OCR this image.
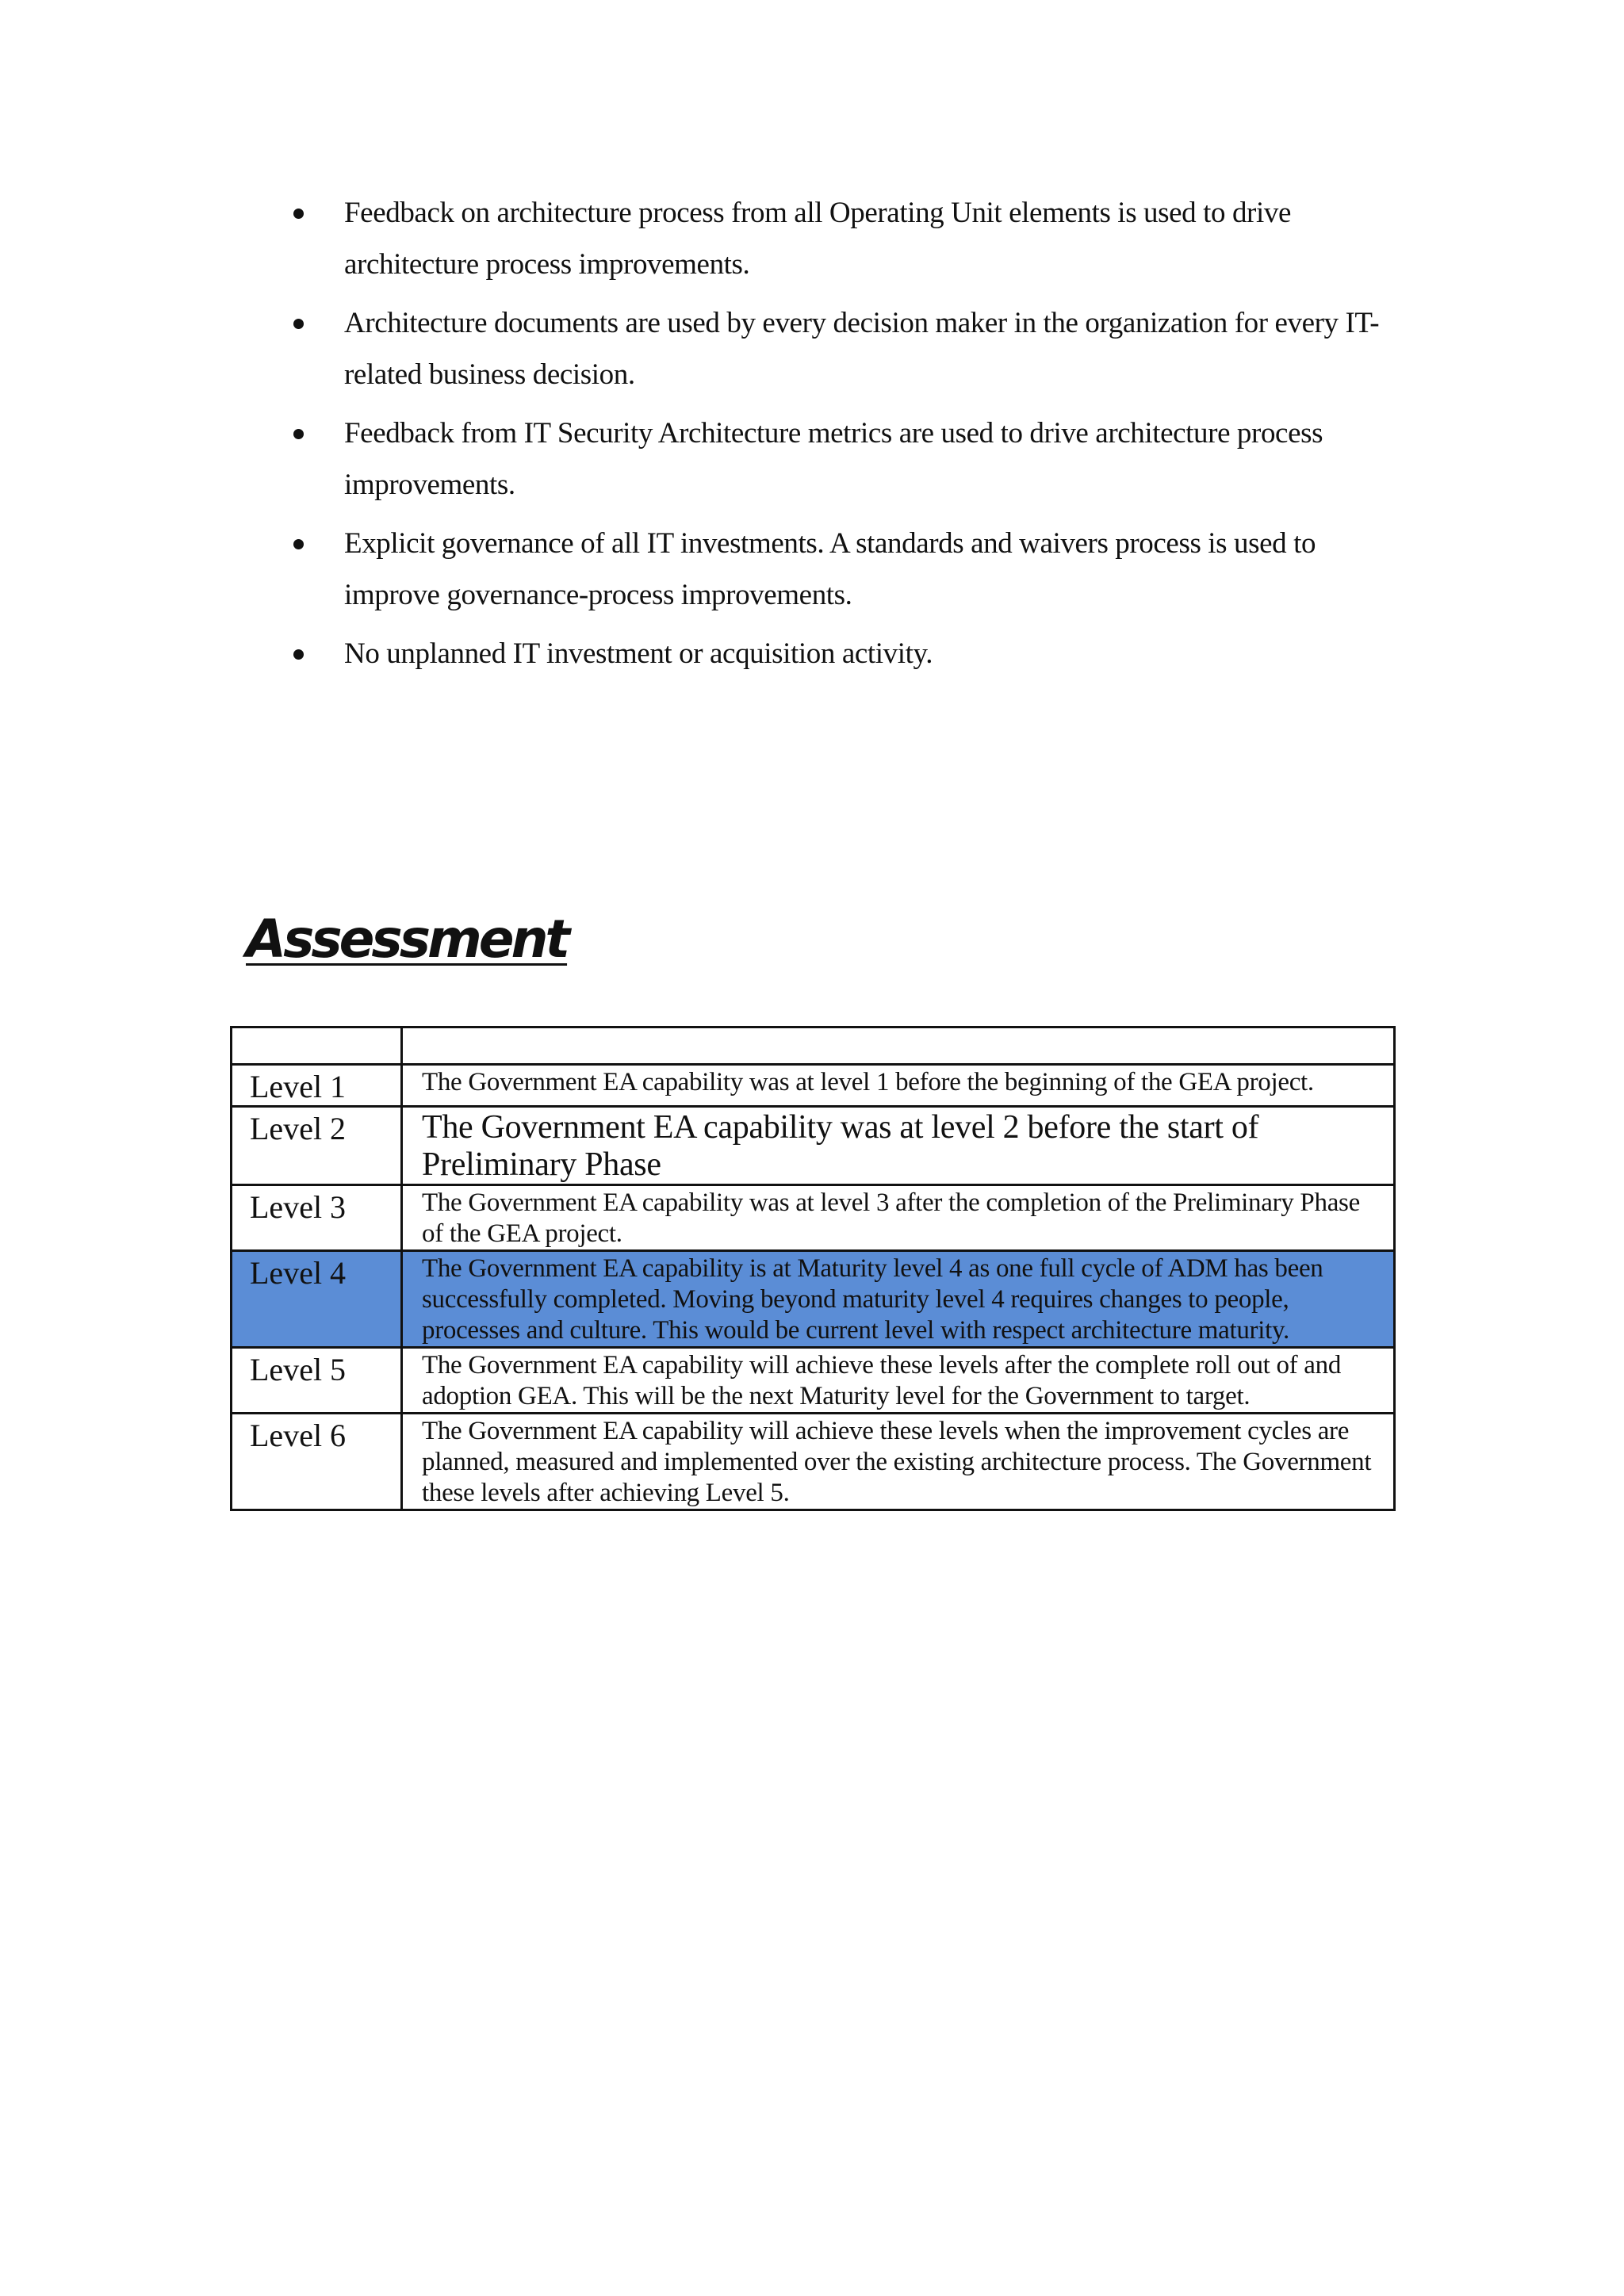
Feedback on architecture process from all Operating Unit elements is used to drive architecture process improvements.
Architecture documents are used by every decision maker in the organization for every IT-related business decision.
Feedback from IT Security Architecture metrics are used to drive architecture process improvements.
Explicit governance of all IT investments. A standards and waivers process is used to improve governance-process improvements.
No unplanned IT investment or acquisition activity.
Assessment

Level 1	The Government EA capability was at level 1 before the beginning of the GEA project.

Level 2	The Government EA capability was at level 2 before the start of Preliminary Phase

Level 3	The Government EA capability was at level 3 after the completion of the Preliminary Phase of the GEA project.

Level 4	The Government EA capability is at Maturity level 4 as one full cycle of ADM has been successfully completed. Moving beyond maturity level 4 requires changes to people, processes and culture. This would be current level with respect architecture maturity.

Level 5	The Government EA capability will achieve these levels after the complete roll out of and adoption GEA. This will be the next Maturity level for the Government to target.

Level 6	The Government EA capability will achieve these levels when the improvement cycles are planned, measured and implemented over the existing architecture process. The Government these levels after achieving Level 5.
